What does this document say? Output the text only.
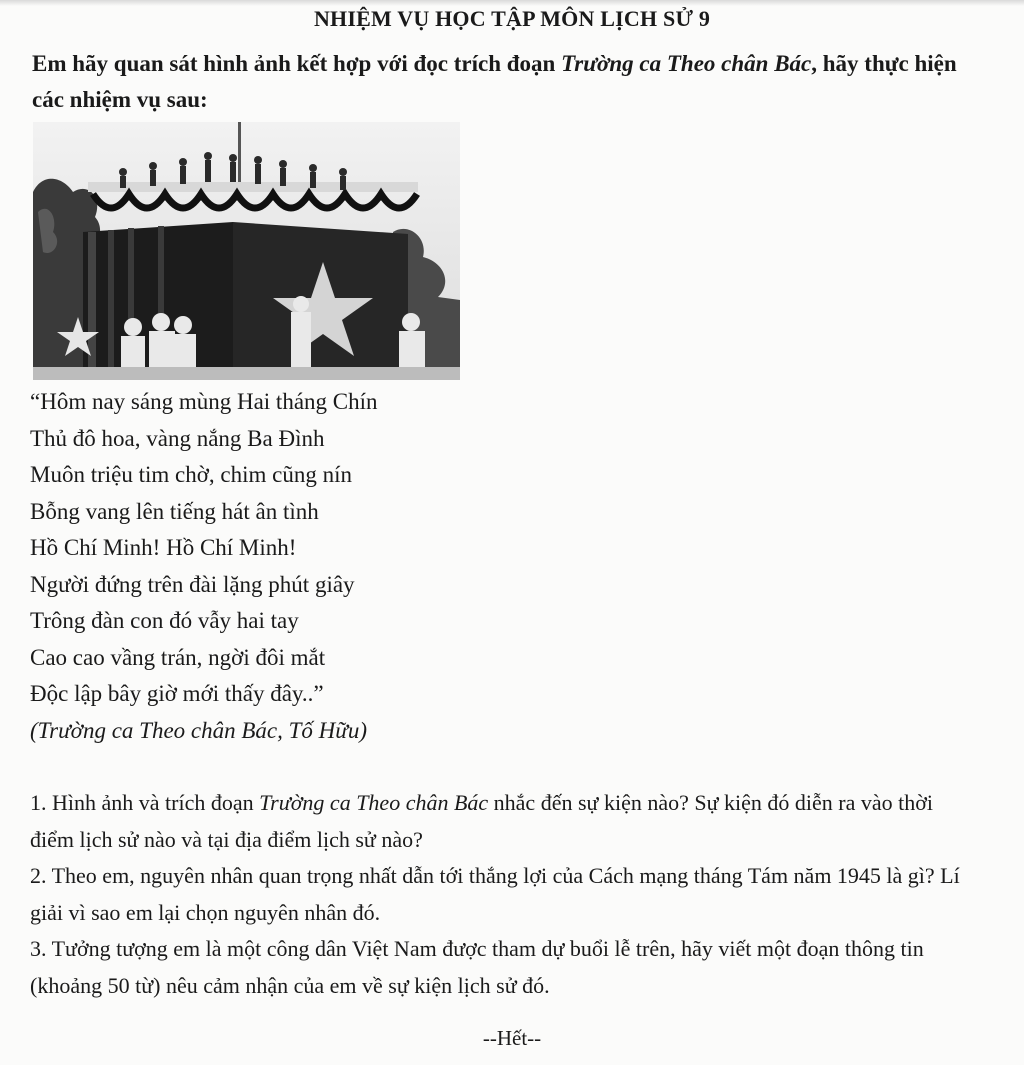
NHIỆM VỤ HỌC TẬP MÔN LỊCH SỬ 9
Em hãy quan sát hình ảnh kết hợp với đọc trích đoạn Trường ca Theo chân Bác, hãy thực hiện các nhiệm vụ sau:
“Hôm nay sáng mùng Hai tháng Chín
Thủ đô hoa, vàng nắng Ba Đình
Muôn triệu tim chờ, chim cũng nín
Bỗng vang lên tiếng hát ân tình
Hồ Chí Minh! Hồ Chí Minh!
Người đứng trên đài lặng phút giây
Trông đàn con đó vẫy hai tay
Cao cao vầng trán, ngời đôi mắt
Độc lập bây giờ mới thấy đây..”
(Trường ca Theo chân Bác, Tố Hữu)
1. Hình ảnh và trích đoạn Trường ca Theo chân Bác nhắc đến sự kiện nào? Sự kiện đó diễn ra vào thời điểm lịch sử nào và tại địa điểm lịch sử nào?
2. Theo em, nguyên nhân quan trọng nhất dẫn tới thắng lợi của Cách mạng tháng Tám năm 1945 là gì? Lí giải vì sao em lại chọn nguyên nhân đó.
3. Tưởng tượng em là một công dân Việt Nam được tham dự buổi lễ trên, hãy viết một đoạn thông tin (khoảng 50 từ) nêu cảm nhận của em về sự kiện lịch sử đó.
--Hết--
